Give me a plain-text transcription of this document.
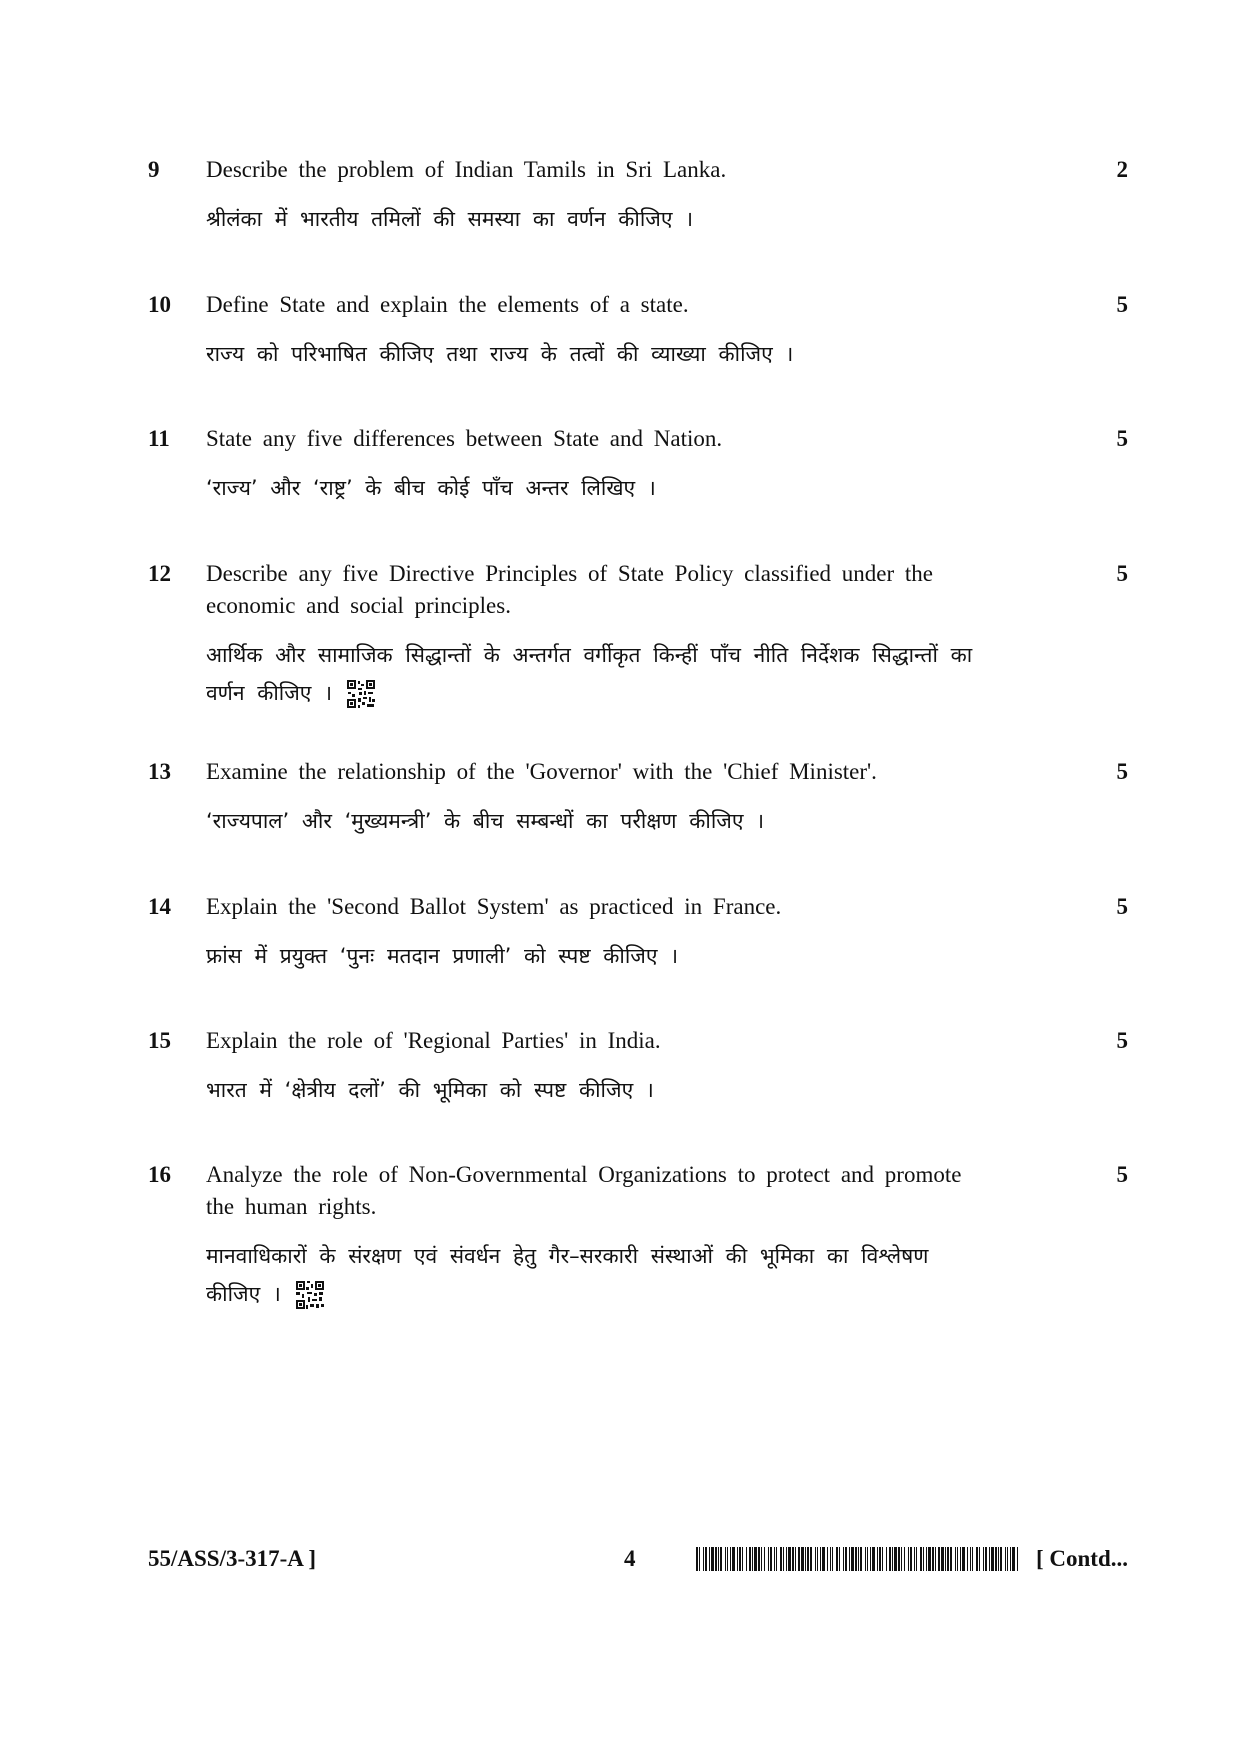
9	Describe the problem of Indian Tamils in Sri Lanka.

श्रीलंका में भारतीय तमिलों की समस्या का वर्णन कीजिए ।

2
10	Define State and explain the elements of a state.

राज्य को परिभाषित कीजिए तथा राज्य के तत्वों की व्याख्या कीजिए ।

5
11	State any five differences between State and Nation.

‘राज्य’ और ‘राष्ट्र’ के बीच कोई पाँच अन्तर लिखिए ।

5
12	Describe any five Directive Principles of State Policy classified under the economic and social principles.

आर्थिक और सामाजिक सिद्धान्तों के अन्तर्गत वर्गीकृत किन्हीं पाँच नीति निर्देशक सिद्धान्तों का वर्णन कीजिए ।

5
13	Examine the relationship of the 'Governor' with the 'Chief Minister'.

‘राज्यपाल’ और ‘मुख्यमन्त्री’ के बीच सम्बन्धों का परीक्षण कीजिए ।

5
14	Explain the 'Second Ballot System' as practiced in France.

फ्रांस में प्रयुक्त ‘पुनः मतदान प्रणाली’ को स्पष्ट कीजिए ।

5
15	Explain the role of 'Regional Parties' in India.

भारत में ‘क्षेत्रीय दलों’ की भूमिका को स्पष्ट कीजिए ।

5
16	Analyze the role of Non-Governmental Organizations to protect and promote the human rights.

मानवाधिकारों के संरक्षण एवं संवर्धन हेतु गैर–सरकारी संस्थाओं की भूमिका का विश्लेषण कीजिए ।

5
55/ASS/3-317-A ]	4	[ Contd...
